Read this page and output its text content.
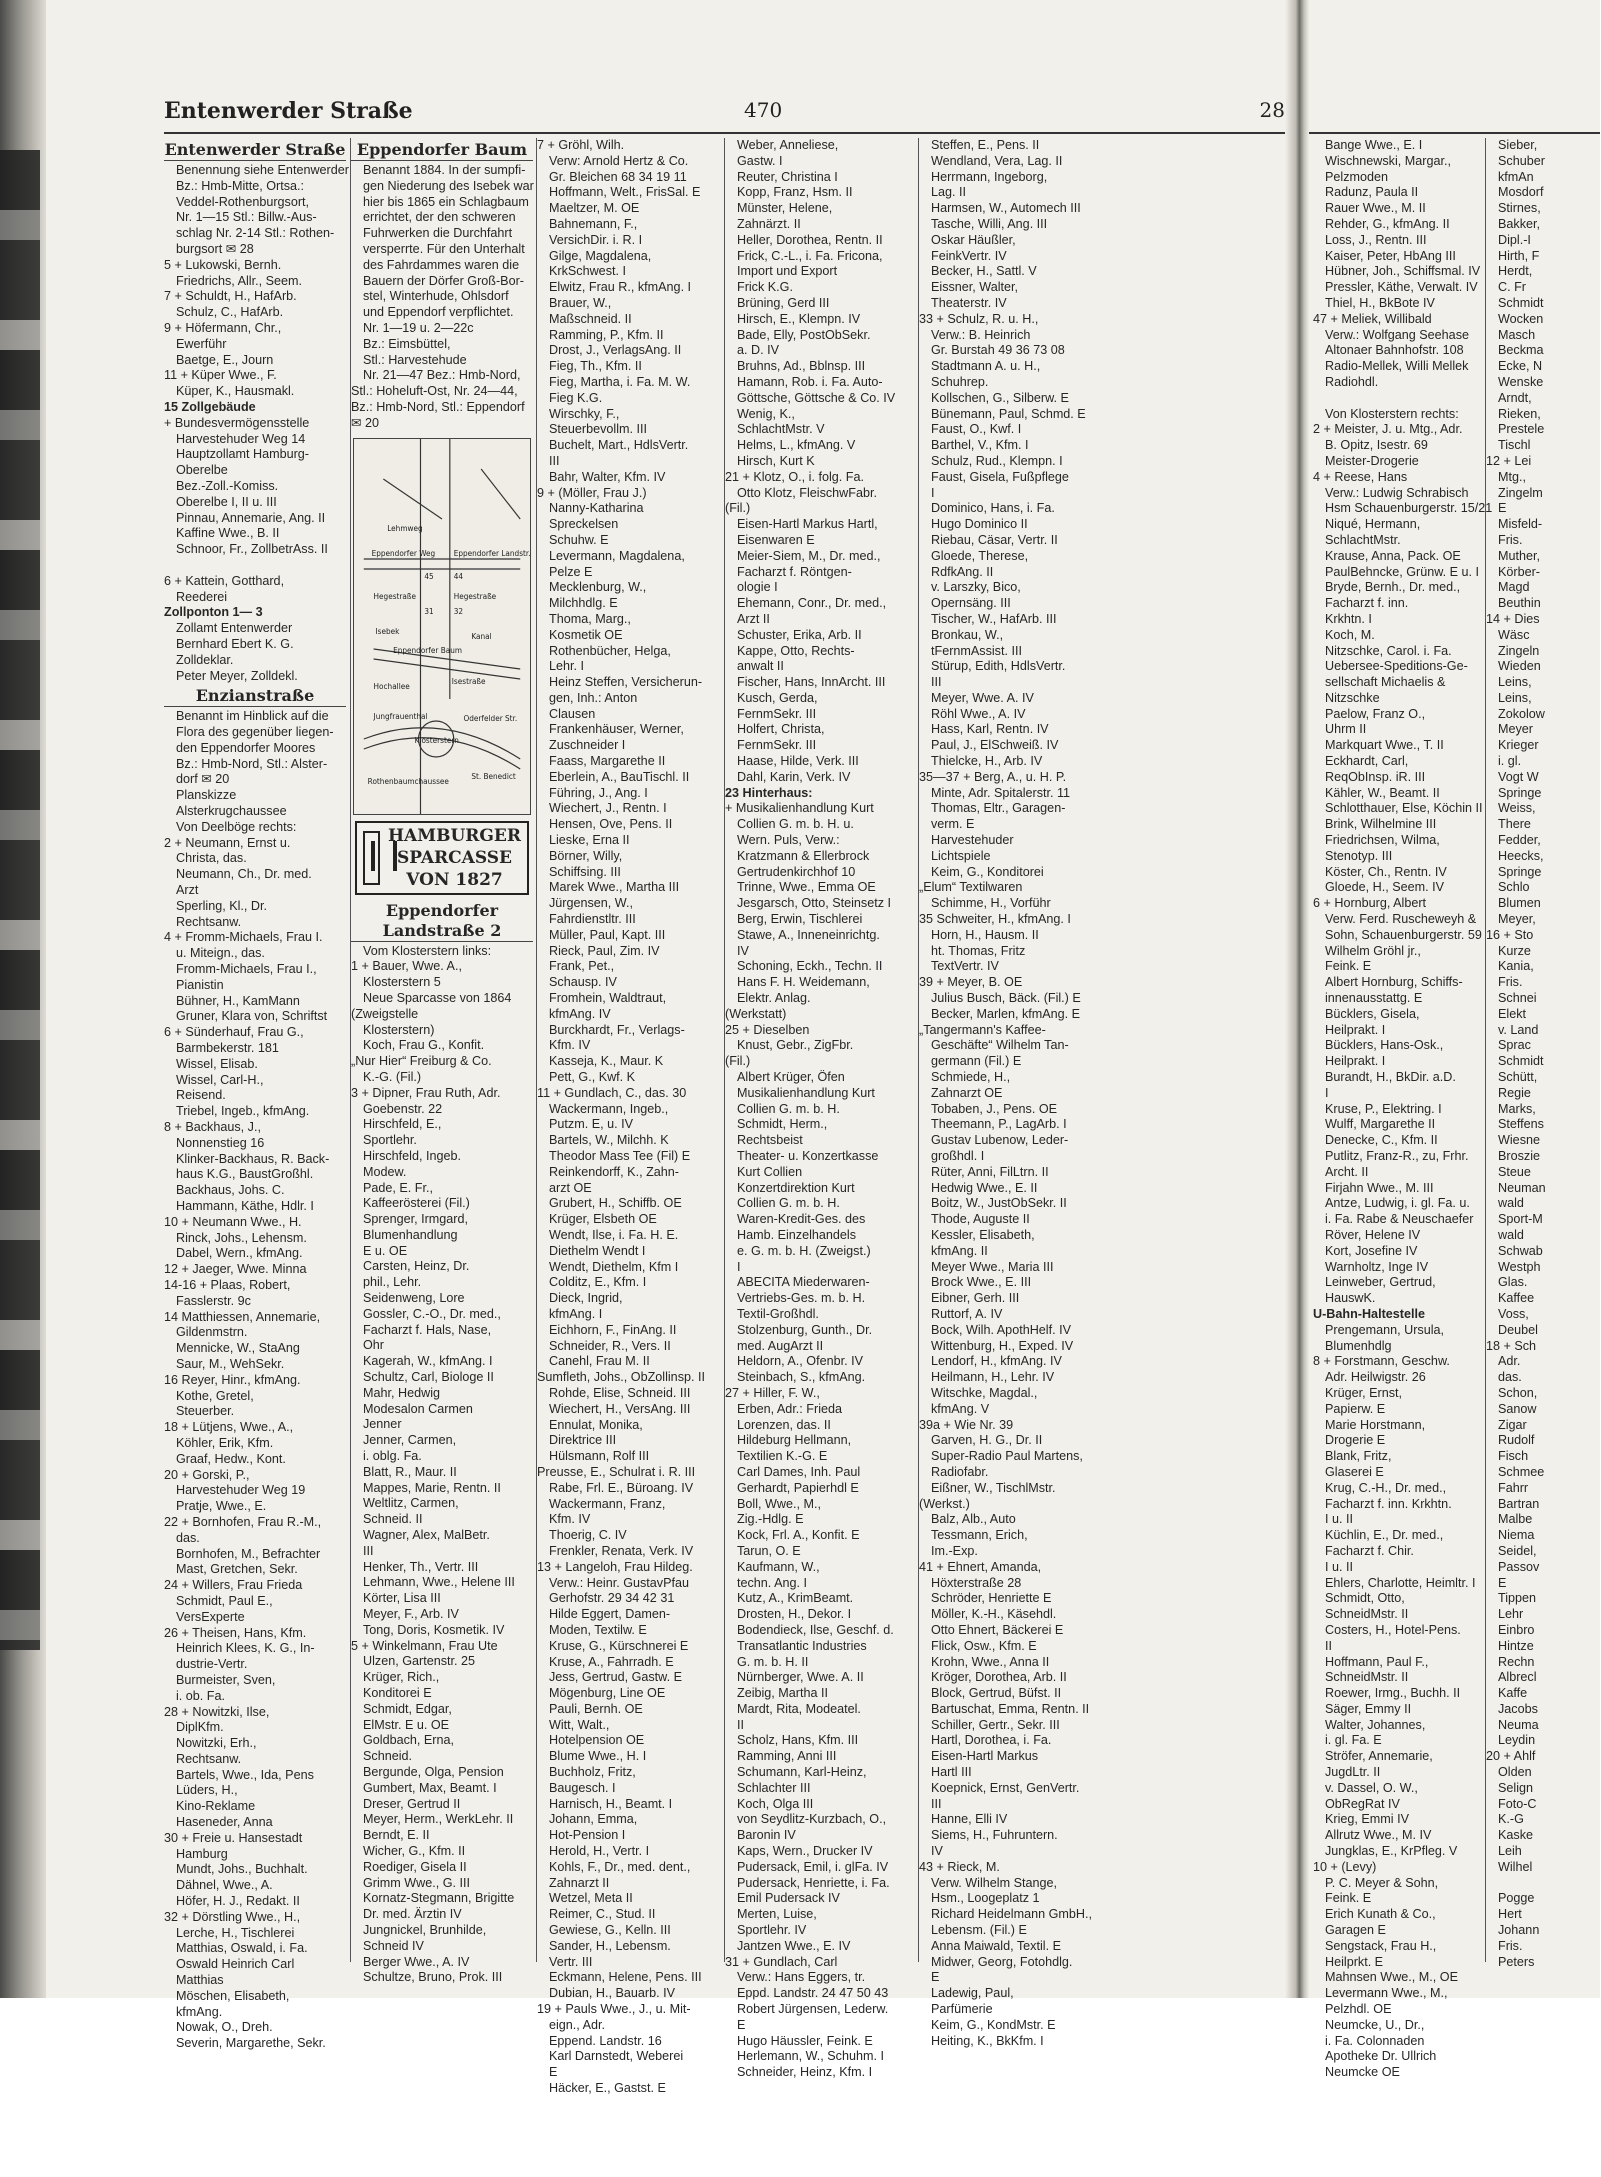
Entenwerder Straße	470	28
Entenwerder Straße
Benennung siehe Entenwerder
Bz.: Hmb-Mitte, Ortsa.:
Veddel-Rothenburgsort,
Nr. 1—15 Stl.: Billw.-Aus-
schlag Nr. 2-14 Stl.: Rothen-
burgsort ✉ 28
5 + Lukowski, Bernh.
Friedrichs, Allr., Seem.
7 + Schuldt, H., HafArb.
Schulz, C., HafArb.
9 + Höfermann, Chr.,
Ewerführ
Baetge, E., Journ
11 + Küper Wwe., F.
Küper, K., Hausmakl.
15 Zollgebäude
+ Bundesvermögensstelle
Harvestehuder Weg 14
Hauptzollamt Hamburg-
Oberelbe
Bez.-Zoll.-Komiss.
Oberelbe I, II u. III
Pinnau, Annemarie, Ang. II
Kaffine Wwe., B. II
Schnoor, Fr., ZollbetrAss. II

6 + Kattein, Gotthard,
Reederei
Zollponton 1— 3
Zollamt Entenwerder
Bernhard Ebert K. G.
Zolldeklar.
Peter Meyer, Zolldekl.
Enzianstraße
Benannt im Hinblick auf die
Flora des gegenüber liegen-
den Eppendorfer Moores
Bz.: Hmb-Nord, Stl.: Alster-
dorf ✉ 20
Planskizze
Alsterkrugchaussee
Von Deelböge rechts:
2 + Neumann, Ernst u.
Christa, das.
Neumann, Ch., Dr. med.
Arzt
Sperling, Kl., Dr.
Rechtsanw.
4 + Fromm-Michaels, Frau I.
u. Miteign., das.
Fromm-Michaels, Frau I.,
Pianistin
Bühner, H., KamMann
Gruner, Klara von, Schriftst
6 + Sünderhauf, Frau G.,
Barmbekerstr. 181
Wissel, Elisab.
Wissel, Carl-H.,
Reisend.
Triebel, Ingeb., kfmAng.
8 + Backhaus, J.,
Nonnenstieg 16
Klinker-Backhaus, R. Back-
haus K.G., BaustGroßhl.
Backhaus, Johs. C.
Hammann, Käthe, Hdlr. I
10 + Neumann Wwe., H.
Rinck, Johs., Lehensm.
Dabel, Wern., kfmAng.
12 + Jaeger, Wwe. Minna
14-16 + Plaas, Robert,
Fasslerstr. 9c
14 Matthiessen, Annemarie,
Gildenmstrn.
Mennicke, W., StaAng
Saur, M., WehSekr.
16 Reyer, Hinr., kfmAng.
Kothe, Gretel,
Steuerber.
18 + Lütjens, Wwe., A.,
Köhler, Erik, Kfm.
Graaf, Hedw., Kont.
20 + Gorski, P.,
Harvestehuder Weg 19
Pratje, Wwe., E.
22 + Bornhofen, Frau R.-M.,
das.
Bornhofen, M., Befrachter
Mast, Gretchen, Sekr.
24 + Willers, Frau Frieda
Schmidt, Paul E.,
VersExperte
26 + Theisen, Hans, Kfm.
Heinrich Klees, K. G., In-
dustrie-Vertr.
Burmeister, Sven,
i. ob. Fa.
28 + Nowitzki, Ilse,
DiplKfm.
Nowitzki, Erh.,
Rechtsanw.
Bartels, Wwe., Ida, Pens
Lüders, H.,
Kino-Reklame
Haseneder, Anna
30 + Freie u. Hansestadt
Hamburg
Mundt, Johs., Buchhalt.
Dähnel, Wwe., A.
Höfer, H. J., Redakt. II
32 + Dörstling Wwe., H.,
Lerche, H., Tischlerei
Matthias, Oswald, i. Fa.
Oswald Heinrich Carl
Matthias
Möschen, Elisabeth,
kfmAng.
Nowak, O., Dreh.
Severin, Margarethe, Sekr.
Eppendorfer Baum
Benannt 1884. In der sumpfi-
gen Niederung des Isebek war
hier bis 1865 ein Schlagbaum
errichtet, der den schweren
Fuhrwerken die Durchfahrt
versperrte. Für den Unterhalt
des Fahrdammes waren die
Bauern der Dörfer Groß-Bor-
stel, Winterhude, Ohlsdorf
und Eppendorf verpflichtet.
Nr. 1—19 u. 2—22c
Bz.: Eimsbüttel,
Stl.: Harvestehude
Nr. 21—47 Bez.: Hmb-Nord,
Stl.: Hoheluft-Ost, Nr. 24—44,
Bz.: Hmb-Nord, Stl.: Eppendorf
✉ 20
Eppendorfer Weg Eppendorfer Landstr.
Lehmweg
Hegestraße	Hegestraße
Isebek
Kanal
Eppendorfer Baum
Isestraße
Hochallee
Jungfrauenthal	Oderfelder Str.
Klosterstern
Rothenbaumchaussee
St. Benedict
44
45
31	32
HAMBURGER
SPARCASSE
VON 1827
Eppendorfer Landstraße 2
Vom Klosterstern links:
1 + Bauer, Wwe. A.,
Klosterstern 5
Neue Sparcasse von 1864
(Zweigstelle
Klosterstern)
Koch, Frau G., Konfit.
„Nur Hier“ Freiburg & Co.
K.-G. (Fil.)
3 + Dipner, Frau Ruth, Adr.
Goebenstr. 22
Hirschfeld, E.,
Sportlehr.
Hirschfeld, Ingeb.
Modew.
Pade, E. Fr.,
Kaffeerösterei (Fil.)
Sprenger, Irmgard,
Blumenhandlung
E u. OE
Carsten, Heinz, Dr.
phil., Lehr.
Seidenweng, Lore
Gossler, C.-O., Dr. med.,
Facharzt f. Hals, Nase,
Ohr
Kagerah, W., kfmAng. I
Schultz, Carl, Biologe II
Mahr, Hedwig
Modesalon Carmen
Jenner
Jenner, Carmen,
i. oblg. Fa.
Blatt, R., Maur. II
Mappes, Marie, Rentn. II
Weltlitz, Carmen,
Schneid. II
Wagner, Alex, MalBetr.
III
Henker, Th., Vertr. III
Lehmann, Wwe., Helene III
Körter, Lisa III
Meyer, F., Arb. IV
Tong, Doris, Kosmetik. IV
5 + Winkelmann, Frau Ute
Ulzen, Gartenstr. 25
Krüger, Rich.,
Konditorei E
Schmidt, Edgar,
ElMstr. E u. OE
Goldbach, Erna,
Schneid.
Bergunde, Olga, Pension
Gumbert, Max, Beamt. I
Dreser, Gertrud II
Meyer, Herm., WerkLehr. II
Berndt, E. II
Wicher, G., Kfm. II
Roediger, Gisela II
Grimm Wwe., G. III
Kornatz-Stegmann, Brigitte
Dr. med. Ärztin IV
Jungnickel, Brunhilde,
Schneid IV
Berger Wwe., A. IV
Schultze, Bruno, Prok. III
7 + Gröhl, Wilh.
Verw: Arnold Hertz & Co.
Gr. Bleichen 68 34 19 11
Hoffmann, Welt., FrisSal. E
Maeltzer, M. OE
Bahnemann, F.,
VersichDir. i. R. I
Gilge, Magdalena,
KrkSchwest. I
Elwitz, Frau R., kfmAng. I
Brauer, W.,
Maßschneid. II
Ramming, P., Kfm. II
Drost, J., VerlagsAng. II
Fieg, Th., Kfm. II
Fieg, Martha, i. Fa. M. W.
Fieg K.G.
Wirschky, F.,
Steuerbevollm. III
Buchelt, Mart., HdlsVertr.
III
Bahr, Walter, Kfm. IV
9 + (Möller, Frau J.)
Nanny-Katharina
Spreckelsen
Schuhw. E
Levermann, Magdalena,
Pelze E
Mecklenburg, W.,
Milchhdlg. E
Thoma, Marg.,
Kosmetik OE
Rothenbücher, Helga,
Lehr. I
Heinz Steffen, Versicherun-
gen, Inh.: Anton
Clausen
Frankenhäuser, Werner,
Zuschneider I
Faass, Margarethe II
Eberlein, A., BauTischl. II
Führing, J., Ang. I
Wiechert, J., Rentn. I
Hensen, Ove, Pens. II
Lieske, Erna II
Börner, Willy,
Schiffsing. III
Marek Wwe., Martha III
Jürgensen, W.,
Fahrdienstltr. III
Müller, Paul, Kapt. III
Rieck, Paul, Zim. IV
Frank, Pet.,
Schausp. IV
Fromhein, Waldtraut,
kfmAng. IV
Burckhardt, Fr., Verlags-
Kfm. IV
Kasseja, K., Maur. K
Pett, G., Kwf. K
11 + Gundlach, C., das. 30
Wackermann, Ingeb.,
Putzm. E, u. IV
Bartels, W., Milchh. K
Theodor Mass Tee (Fil) E
Reinkendorff, K., Zahn-
arzt OE
Grubert, H., Schiffb. OE
Krüger, Elsbeth OE
Wendt, Ilse, i. Fa. H. E.
Diethelm Wendt I
Wendt, Diethelm, Kfm I
Colditz, E., Kfm. I
Dieck, Ingrid,
kfmAng. I
Eichhorn, F., FinAng. II
Schneider, R., Vers. II
Canehl, Frau M. II
Sumfleth, Johs., ObZollinsp. II
Rohde, Elise, Schneid. III
Wiechert, H., VersAng. III
Ennulat, Monika,
Direktrice III
Hülsmann, Rolf III
Preusse, E., Schulrat i. R. III
Rabe, Frl. E., Büroang. IV
Wackermann, Franz,
Kfm. IV
Thoerig, C. IV
Frenkler, Renata, Verk. IV
13 + Langeloh, Frau Hildeg.
Verw.: Heinr. GustavPfau
Gerhofstr. 29 34 42 31
Hilde Eggert, Damen-
Moden, Textilw. E
Kruse, G., Kürschnerei E
Kruse, A., Fahrradh. E
Jess, Gertrud, Gastw. E
Mögenburg, Line OE
Pauli, Bernh. OE
Witt, Walt.,
Hotelpension OE
Blume Wwe., H. I
Buchholz, Fritz,
Baugesch. I
Harnisch, H., Beamt. I
Johann, Emma,
Hot-Pension I
Herold, H., Vertr. I
Kohls, F., Dr., med. dent.,
Zahnarzt II
Wetzel, Meta II
Reimer, C., Stud. II
Gewiese, G., Kelln. III
Sander, H., Lebensm.
Vertr. III
Eckmann, Helene, Pens. III
Dubian, H., Bauarb. IV
19 + Pauls Wwe., J., u. Mit-
eign., Adr.
Eppend. Landstr. 16
Karl Darnstedt, Weberei
E
Häcker, E., Gastst. E
Weber, Anneliese,
Gastw. I
Reuter, Christina I
Kopp, Franz, Hsm. II
Münster, Helene,
Zahnärzt. II
Heller, Dorothea, Rentn. II
Frick, C.-L., i. Fa. Fricona,
Import und Export
Frick K.G.
Brüning, Gerd III
Hirsch, E., Klempn. IV
Bade, Elly, PostObSekr.
a. D. IV
Bruhns, Ad., Bblnsp. III
Hamann, Rob. i. Fa. Auto-
Göttsche, Göttsche & Co. IV
Wenig, K.,
SchlachtMstr. V
Helms, L., kfmAng. V
Hirsch, Kurt K
21 + Klotz, O., i. folg. Fa.
Otto Klotz, FleischwFabr.
(Fil.)
Eisen-Hartl Markus Hartl,
Eisenwaren E
Meier-Siem, M., Dr. med.,
Facharzt f. Röntgen-
ologie I
Ehemann, Conr., Dr. med.,
Arzt II
Schuster, Erika, Arb. II
Kappe, Otto, Rechts-
anwalt II
Fischer, Hans, InnArcht. III
Kusch, Gerda,
FernmSekr. III
Holfert, Christa,
FernmSekr. III
Haase, Hilde, Verk. III
Dahl, Karin, Verk. IV
23 Hinterhaus:
+ Musikalienhandlung Kurt
Collien G. m. b. H. u.
Wern. Puls, Verw.:
Kratzmann & Ellerbrock
Gertrudenkirchhof 10
Trinne, Wwe., Emma OE
Jesgarsch, Otto, Steinsetz I
Berg, Erwin, Tischlerei
Stawe, A., Inneneinrichtg.
IV
Schoning, Eckh., Techn. II
Hans F. H. Weidemann,
Elektr. Anlag.
(Werkstatt)
25 + Dieselben
Knust, Gebr., ZigFbr.
(Fil.)
Albert Krüger, Öfen
Musikalienhandlung Kurt
Collien G. m. b. H.
Schmidt, Herm.,
Rechtsbeist
Theater- u. Konzertkasse
Kurt Collien
Konzertdirektion Kurt
Collien G. m. b. H.
Waren-Kredit-Ges. des
Hamb. Einzelhandels
e. G. m. b. H. (Zweigst.)
I
ABECITA Miederwaren-
Vertriebs-Ges. m. b. H.
Textil-Großhdl.
Stolzenburg, Gunth., Dr.
med. AugArzt II
Heldorn, A., Ofenbr. IV
Steinbach, S., kfmAng.
27 + Hiller, F. W.,
Erben, Adr.: Frieda
Lorenzen, das. II
Hildeburg Hellmann,
Textilien K.-G. E
Carl Dames, Inh. Paul
Gerhardt, Papierhdl E
Boll, Wwe., M.,
Zig.-Hdlg. E
Kock, Frl. A., Konfit. E
Tarun, O. E
Kaufmann, W.,
techn. Ang. I
Kutz, A., KrimBeamt.
Drosten, H., Dekor. I
Bodendieck, Ilse, Geschf. d.
Transatlantic Industries
G. m. b. H. II
Nürnberger, Wwe. A. II
Zeibig, Martha II
Mardt, Rita, Modeatel.
II
Scholz, Hans, Kfm. III
Ramming, Anni III
Schumann, Karl-Heinz,
Schlachter III
Koch, Olga III
von Seydlitz-Kurzbach, O.,
Baronin IV
Kaps, Wern., Drucker IV
Pudersack, Emil, i. glFa. IV
Pudersack, Henriette, i. Fa.
Emil Pudersack IV
Merten, Luise,
Sportlehr. IV
Jantzen Wwe., E. IV
31 + Gundlach, Carl
Verw.: Hans Eggers, tr.
Eppd. Landstr. 24 47 50 43
Robert Jürgensen, Lederw.
E
Hugo Häussler, Feink. E
Herlemann, W., Schuhm. I
Schneider, Heinz, Kfm. I
Steffen, E., Pens. II
Wendland, Vera, Lag. II
Herrmann, Ingeborg,
Lag. II
Harmsen, W., Automech III
Tasche, Willi, Ang. III
Oskar Häußler,
FeinkVertr. IV
Becker, H., Sattl. V
Eissner, Walter,
Theaterstr. IV
33 + Schulz, R. u. H.,
Verw.: B. Heinrich
Gr. Burstah 49 36 73 08
Stadtmann A. u. H.,
Schuhrep.
Kollschen, G., Silberw. E
Bünemann, Paul, Schmd. E
Faust, O., Kwf. I
Barthel, V., Kfm. I
Schulz, Rud., Klempn. I
Faust, Gisela, Fußpflege
I
Dominico, Hans, i. Fa.
Hugo Dominico II
Riebau, Cäsar, Vertr. II
Gloede, Therese,
RdfkAng. II
v. Larszky, Bico,
Opernsäng. III
Tischer, W., HafArb. III
Bronkau, W.,
tFernmAssist. III
Stürup, Edith, HdlsVertr.
III
Meyer, Wwe. A. IV
Röhl Wwe., A. IV
Hass, Karl, Rentn. IV
Paul, J., ElSchweiß. IV
Thielcke, H., Arb. IV
35—37 + Berg, A., u. H. P.
Minte, Adr. Spitalerstr. 11
Thomas, Eltr., Garagen-
verm. E
Harvestehuder
Lichtspiele
Keim, G., Konditorei
„Elum“ Textilwaren
Schimme, H., Vorführ
35 Schweiter, H., kfmAng. I
Horn, H., Hausm. II
ht. Thomas, Fritz
TextVertr. IV
39 + Meyer, B. OE
Julius Busch, Bäck. (Fil.) E
Becker, Marlen, kfmAng. E
„Tangermann's Kaffee-
Geschäfte“ Wilhelm Tan-
germann (Fil.) E
Schmiede, H.,
Zahnarzt OE
Tobaben, J., Pens. OE
Theemann, P., LagArb. I
Gustav Lubenow, Leder-
großhdl. I
Rüter, Anni, FilLtrn. II
Hedwig Wwe., E. II
Boitz, W., JustObSekr. II
Thode, Auguste II
Kessler, Elisabeth,
kfmAng. II
Meyer Wwe., Maria III
Brock Wwe., E. III
Eibner, Gerh. III
Ruttorf, A. IV
Bock, Wilh. ApothHelf. IV
Wittenburg, H., Exped. IV
Lendorf, H., kfmAng. IV
Heilmann, H., Lehr. IV
Witschke, Magdal.,
kfmAng. V
39a + Wie Nr. 39
Garven, H. G., Dr. II
Super-Radio Paul Martens,
Radiofabr.
Eißner, W., TischlMstr.
(Werkst.)
Balz, Alb., Auto
Tessmann, Erich,
Im.-Exp.
41 + Ehnert, Amanda,
Höxterstraße 28
Schröder, Henriette E
Möller, K.-H., Käsehdl.
Otto Ehnert, Bäckerei E
Flick, Osw., Kfm. E
Krohn, Wwe., Anna II
Kröger, Dorothea, Arb. II
Block, Gertrud, Büfst. II
Bartuschat, Emma, Rentn. II
Schiller, Gertr., Sekr. III
Hartl, Dorothea, i. Fa.
Eisen-Hartl Markus
Hartl III
Koepnick, Ernst, GenVertr.
III
Hanne, Elli IV
Siems, H., Fuhruntern.
IV
43 + Rieck, M.
Verw. Wilhelm Stange,
Hsm., Loogeplatz 1
Richard Heidelmann GmbH.,
Lebensm. (Fil.) E
Anna Maiwald, Textil. E
Midwer, Georg, Fotohdlg.
E
Ladewig, Paul,
Parfümerie
Keim, G., KondMstr. E
Heiting, K., BkKfm. I
Bange Wwe., E. I
Wischnewski, Margar.,
Pelzmoden
Radunz, Paula II
Rauer Wwe., M. II
Rehder, G., kfmAng. II
Loss, J., Rentn. III
Kaiser, Peter, HbAng III
Hübner, Joh., Schiffsmal. IV
Pressler, Käthe, Verwalt. IV
Thiel, H., BkBote IV
47 + Meliek, Willibald
Verw.: Wolfgang Seehase
Altonaer Bahnhofstr. 108
Radio-Mellek, Willi Mellek
Radiohdl.

Von Klosterstern rechts:
2 + Meister, J. u. Mtg., Adr.
B. Opitz, Isestr. 69
Meister-Drogerie
4 + Reese, Hans
Verw.: Ludwig Schrabisch
Hsm Schauenburgerstr. 15/21
Niqué, Hermann,
SchlachtMstr.
Krause, Anna, Pack. OE
PaulBehncke, Grünw. E u. I
Bryde, Bernh., Dr. med.,
Facharzt f. inn.
Krkhtn. I
Koch, M.
Nitzschke, Carol. i. Fa.
Uebersee-Speditions-Ge-
sellschaft Michaelis &
Nitzschke
Paelow, Franz O.,
Uhrm II
Markquart Wwe., T. II
Eckhardt, Carl,
ReqObInsp. iR. III
Kähler, W., Beamt. II
Schlotthauer, Else, Köchin II
Brink, Wilhelmine III
Friedrichsen, Wilma,
Stenotyp. III
Köster, Ch., Rentn. IV
Gloede, H., Seem. IV
6 + Hornburg, Albert
Verw. Ferd. Ruscheweyh &
Sohn, Schauenburgerstr. 59
Wilhelm Gröhl jr.,
Feink. E
Albert Hornburg, Schiffs-
innenausstattg. E
Bücklers, Gisela,
Heilprakt. I
Bücklers, Hans-Osk.,
Heilprakt. I
Burandt, H., BkDir. a.D.
I
Kruse, P., Elektring. I
Wulff, Margarethe II
Denecke, C., Kfm. II
Putlitz, Franz-R., zu, Frhr.
Archt. II
Firjahn Wwe., M. III
Antze, Ludwig, i. gl. Fa. u.
i. Fa. Rabe & Neuschaefer
Röver, Helene IV
Kort, Josefine IV
Warnholtz, Inge IV
Leinweber, Gertrud,
HauswK.
U-Bahn-Haltestelle
Prengemann, Ursula,
Blumenhdlg
8 + Forstmann, Geschw.
Adr. Heilwigstr. 26
Krüger, Ernst,
Papierw. E
Marie Horstmann,
Drogerie E
Blank, Fritz,
Glaserei E
Krug, C.-H., Dr. med.,
Facharzt f. inn. Krkhtn.
I u. II
Küchlin, E., Dr. med.,
Facharzt f. Chir.
I u. II
Ehlers, Charlotte, Heimltr. I
Schmidt, Otto,
SchneidMstr. II
Costers, H., Hotel-Pens.
II
Hoffmann, Paul F.,
SchneidMstr. II
Roewer, Irmg., Buchh. II
Säger, Emmy II
Walter, Johannes,
i. gl. Fa. E
Ströfer, Annemarie,
JugdLtr. II
v. Dassel, O. W.,
ObRegRat IV
Krieg, Emmi IV
Allrutz Wwe., M. IV
Jungklas, E., KrPfleg. V
10 + (Levy)
P. C. Meyer & Sohn,
Feink. E
Erich Kunath & Co.,
Garagen E
Sengstack, Frau H.,
Heilprkt. E
Mahnsen Wwe., M., OE
Levermann Wwe., M.,
Pelzhdl. OE
Neumcke, U., Dr.,
i. Fa. Colonnaden
Apotheke Dr. Ullrich
Neumcke OE
Sieber,
Schuber
kfmAn
Mosdorf
Stirnes,
Bakker,
Dipl.-I
Hirth, F
Herdt,
C. Fr
Schmidt
Wocken
Masch
Beckma
Ecke, N
Wenske
Arndt,
Rieken,
Prestele
Tischl
12 + Lei
Mtg.,
Zingelm
E
Misfeld-
Fris.
Muther,
Körber-
Magd
Beuthin
14 + Dies
Wäsc
Zingeln
Wieden
Leins,
Leins,
Zokolow
Meyer
Krieger
i. gl.
Vogt W
Springe
Weiss,
There
Fedder,
Heecks,
Springe
Schlo
Blumen
Meyer,
16 + Sto
Kurze
Kania,
Fris.
Schnei
Elekt
v. Land
Sprac
Schmidt
Schütt,
Regie
Marks,
Steffens
Wiesne
Broszie
Steue
Neuman
wald
Sport-M
wald
Schwab
Westph
Glas.
Kaffee
Voss,
Deubel
18 + Sch
Adr.
das.
Schon,
Sanow
Zigar
Rudolf
Fisch
Schmee
Fahrr
Bartran
Malbe
Niema
Seidel,
Passov
E
Tippen
Lehr
Einbro
Hintze
Rechn
Albrecl
Kaffe
Jacobs
Neuma
Leydin
20 + Ahlf
Olden
Selign
Foto-C
K.-G
Kaske
Leih
Wilhel

Pogge
Hert
Johann
Fris.
Peters
